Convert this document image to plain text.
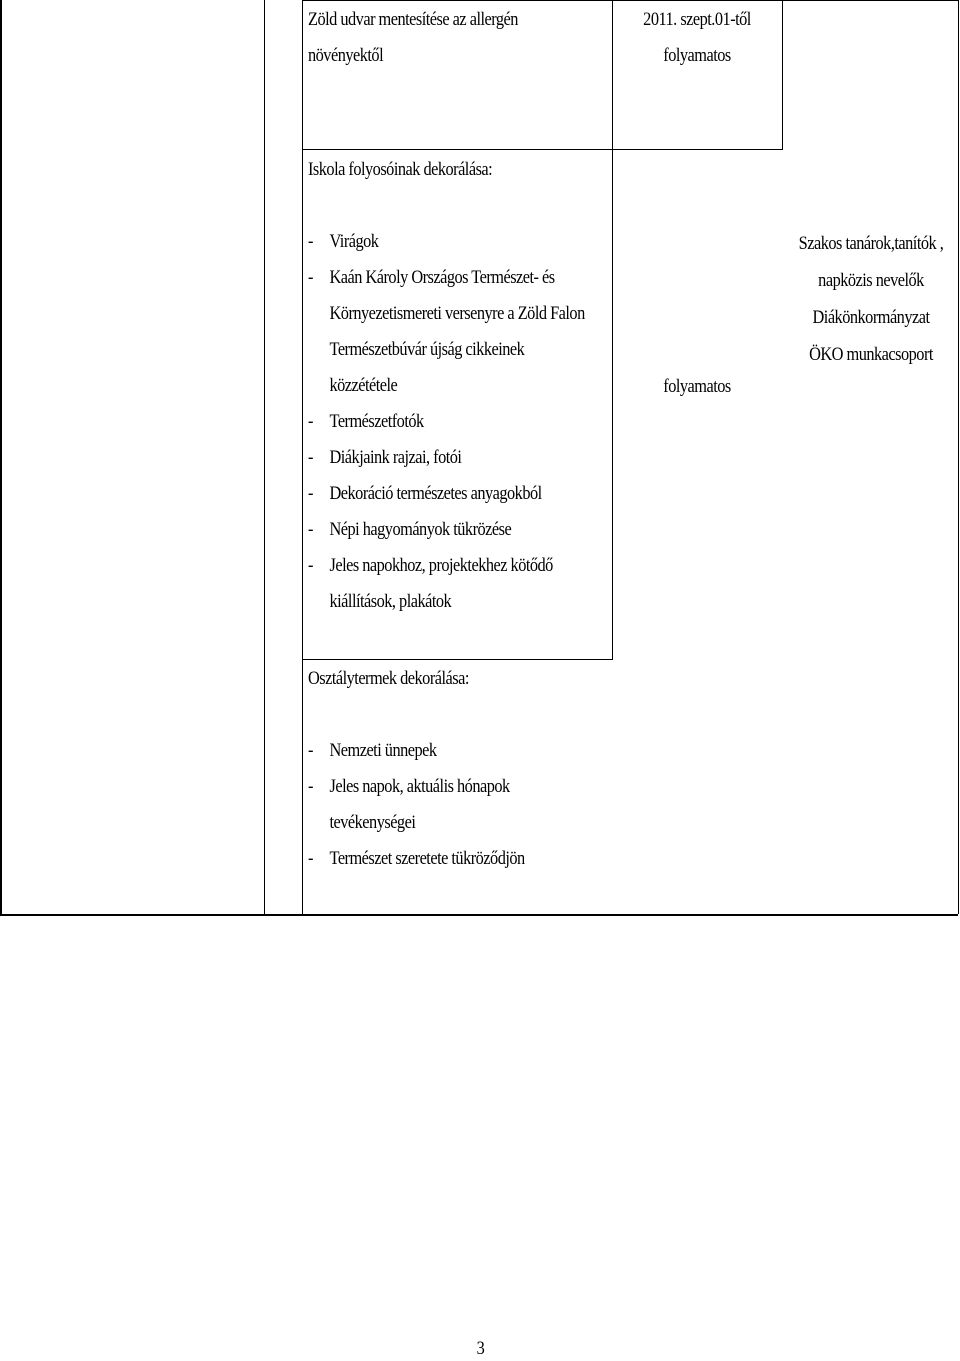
Zöld udvar mentesítése az allergén
növényektől
2011. szept.01-től
folyamatos
Iskola folyosóinak dekorálása:
- Virágok
- Kaán Károly Országos Természet- és
Környezetismereti versenyre a Zöld Falon
Természetbúvár újság cikkeinek
közzététele
- Természetfotók
- Diákjaink rajzai, fotói
- Dekoráció természetes anyagokból
- Népi hagyományok tükrözése
- Jeles napokhoz, projektekhez kötődő
kiállítások, plakátok
folyamatos
Szakos tanárok,tanítók ,
napközis nevelők
Diákönkormányzat
ÖKO munkacsoport
Osztálytermek dekorálása:
- Nemzeti ünnepek
- Jeles napok, aktuális hónapok
tevékenységei
- Természet szeretete tükröződjön
3
